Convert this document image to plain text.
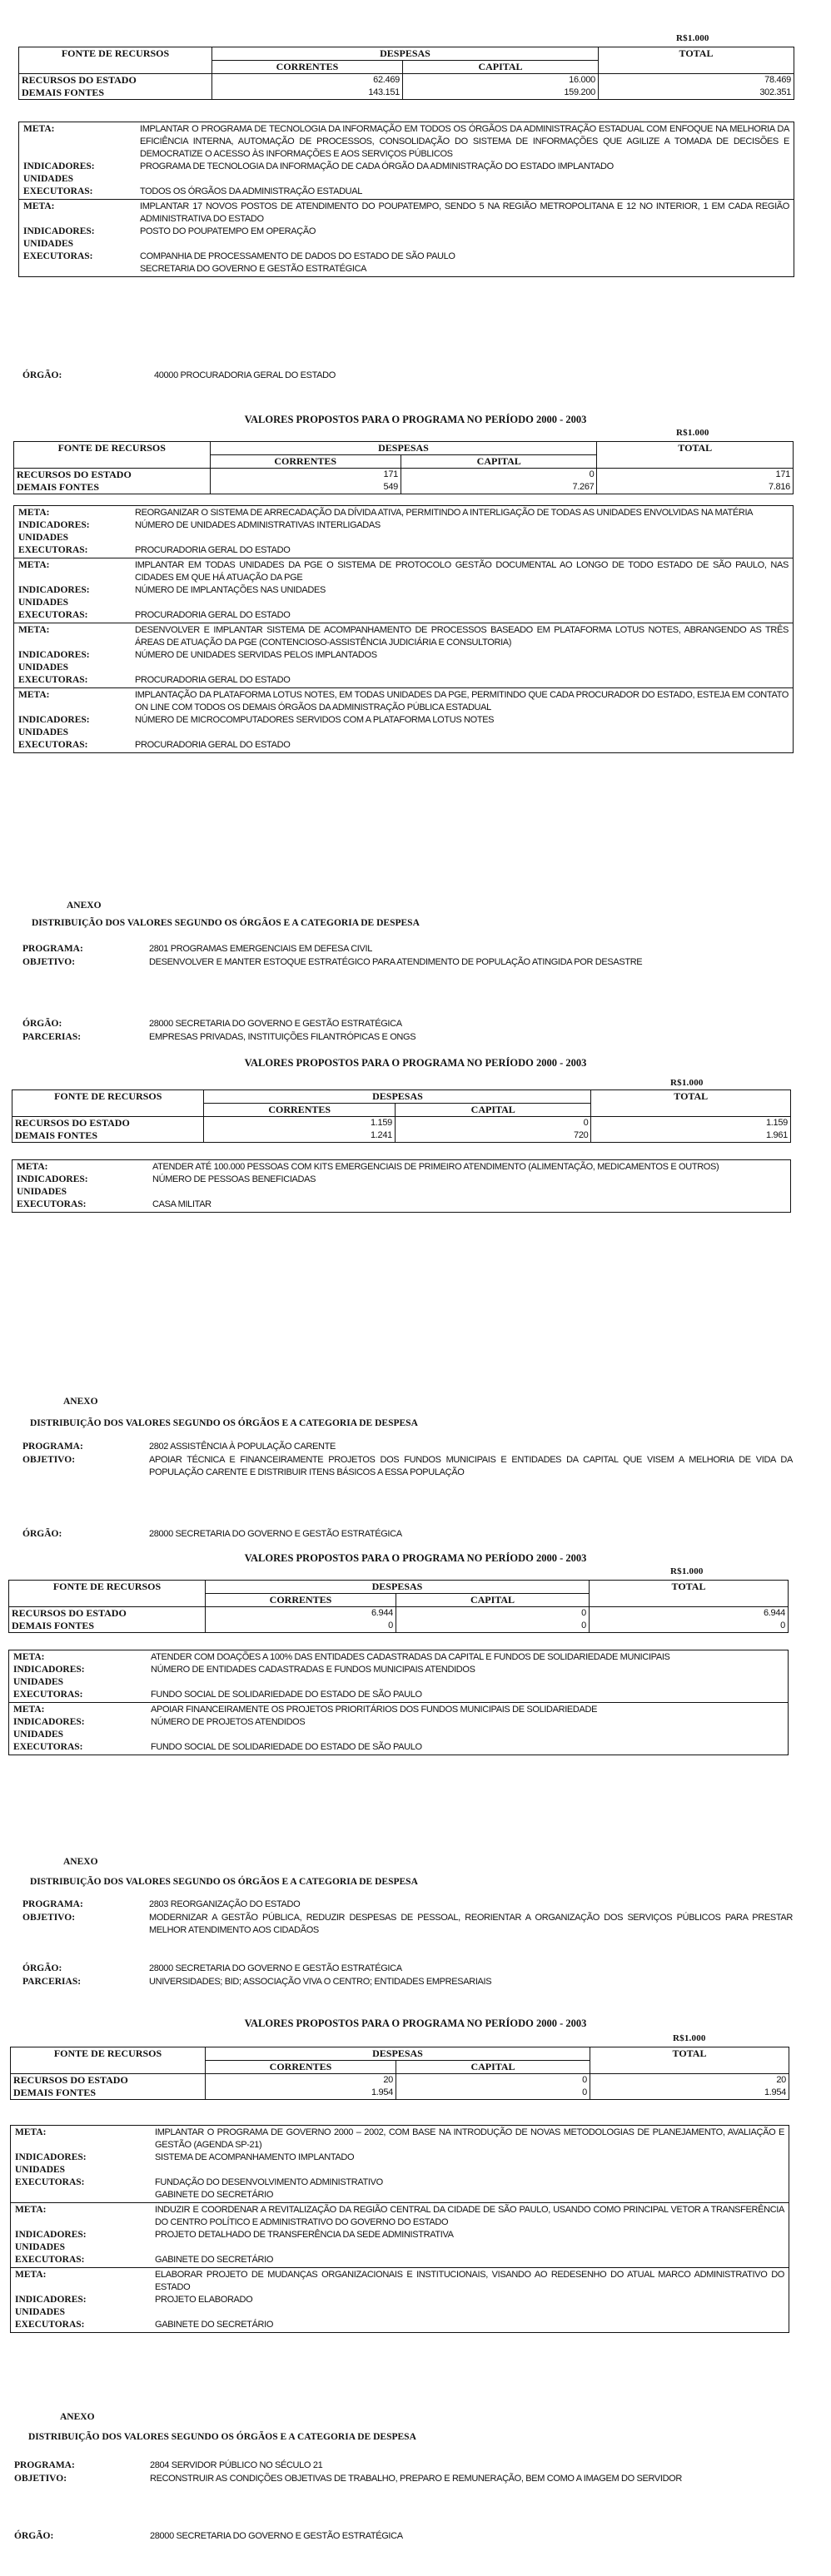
R$1.000
FONTE DE RECURSOS	DESPESAS		TOTAL
	CORRENTES	CAPITAL	
RECURSOS DO ESTADO	62.469	16.000	78.469
DEMAIS FONTES	143.151	159.200	302.351
META:	IMPLANTAR O PROGRAMA DE TECNOLOGIA DA INFORMAÇÃO EM TODOS OS ÓRGÃOS DA ADMINISTRAÇÃO ESTADUAL COM ENFOQUE NA MELHORIA DA EFICIÊNCIA INTERNA, AUTOMAÇÃO DE PROCESSOS, CONSOLIDAÇÃO DO SISTEMA DE INFORMAÇÕES QUE AGILIZE A TOMADA DE DECISÕES E DEMOCRATIZE O ACESSO ÀS INFORMAÇÕES E AOS SERVIÇOS PÚBLICOS
INDICADORES:	PROGRAMA DE TECNOLOGIA DA INFORMAÇÃO DE CADA ÓRGÃO DA ADMINISTRAÇÃO DO ESTADO IMPLANTADO
UNIDADES
EXECUTORAS:	TODOS OS ÓRGÃOS DA ADMINISTRAÇÃO ESTADUAL
META:	IMPLANTAR 17 NOVOS POSTOS DE ATENDIMENTO DO POUPATEMPO, SENDO 5 NA REGIÃO METROPOLITANA E 12 NO INTERIOR, 1 EM CADA REGIÃO ADMINISTRATIVA DO ESTADO
INDICADORES:	POSTO DO POUPATEMPO EM OPERAÇÃO
UNIDADES
EXECUTORAS:	COMPANHIA DE PROCESSAMENTO DE DADOS DO ESTADO DE SÃO PAULO
SECRETARIA DO GOVERNO E GESTÃO ESTRATÉGICA
ÓRGÃO:	40000 PROCURADORIA GERAL DO ESTADO
VALORES PROPOSTOS PARA O PROGRAMA NO PERÍODO 2000 - 2003
R$1.000
FONTE DE RECURSOS	DESPESAS		TOTAL
	CORRENTES	CAPITAL	
RECURSOS DO ESTADO	171	0	171
DEMAIS FONTES	549	7.267	7.816
META:	REORGANIZAR O SISTEMA DE ARRECADAÇÃO DA DÍVIDA ATIVA, PERMITINDO A INTERLIGAÇÃO DE TODAS AS UNIDADES ENVOLVIDAS NA MATÉRIA
INDICADORES:	NÚMERO DE UNIDADES ADMINISTRATIVAS INTERLIGADAS
UNIDADES
EXECUTORAS:	PROCURADORIA GERAL DO ESTADO
META:	IMPLANTAR EM TODAS UNIDADES DA PGE O SISTEMA DE PROTOCOLO GESTÃO DOCUMENTAL AO LONGO DE TODO ESTADO DE SÃO PAULO, NAS CIDADES EM QUE HÁ ATUAÇÃO DA PGE
INDICADORES:	NÚMERO DE IMPLANTAÇÕES NAS UNIDADES
UNIDADES
EXECUTORAS:	PROCURADORIA GERAL DO ESTADO
META:	DESENVOLVER E IMPLANTAR SISTEMA DE ACOMPANHAMENTO DE PROCESSOS BASEADO EM PLATAFORMA LOTUS NOTES, ABRANGENDO AS TRÊS ÁREAS DE ATUAÇÃO DA PGE (CONTENCIOSO-ASSISTÊNCIA JUDICIÁRIA E CONSULTORIA)
INDICADORES:	NÚMERO DE UNIDADES SERVIDAS PELOS IMPLANTADOS
UNIDADES
EXECUTORAS:	PROCURADORIA GERAL DO ESTADO
META:	IMPLANTAÇÃO DA PLATAFORMA LOTUS NOTES, EM TODAS UNIDADES DA PGE, PERMITINDO QUE CADA PROCURADOR DO ESTADO, ESTEJA EM CONTATO ON LINE COM TODOS OS DEMAIS ÓRGÃOS DA ADMINISTRAÇÃO PÚBLICA ESTADUAL
INDICADORES:	NÚMERO DE MICROCOMPUTADORES SERVIDOS COM A PLATAFORMA LOTUS NOTES
UNIDADES
EXECUTORAS:	PROCURADORIA GERAL DO ESTADO
ANEXO
DISTRIBUIÇÃO DOS VALORES SEGUNDO OS ÓRGÃOS E A CATEGORIA DE DESPESA
PROGRAMA:	2801 PROGRAMAS EMERGENCIAIS EM DEFESA CIVIL
OBJETIVO:	DESENVOLVER E MANTER ESTOQUE ESTRATÉGICO PARA ATENDIMENTO DE POPULAÇÃO ATINGIDA POR DESASTRE
ÓRGÃO:	28000 SECRETARIA DO GOVERNO E GESTÃO ESTRATÉGICA
PARCERIAS:	EMPRESAS PRIVADAS, INSTITUIÇÕES FILANTRÓPICAS E ONGS
VALORES PROPOSTOS PARA O PROGRAMA NO PERÍODO 2000 - 2003
R$1.000
FONTE DE RECURSOS	DESPESAS		TOTAL
	CORRENTES	CAPITAL	
RECURSOS DO ESTADO	1.159	0	1.159
DEMAIS FONTES	1.241	720	1.961
META:	ATENDER ATÉ 100.000 PESSOAS COM KITS EMERGENCIAIS DE PRIMEIRO ATENDIMENTO (ALIMENTAÇÃO, MEDICAMENTOS E OUTROS)
INDICADORES:	NÚMERO DE PESSOAS BENEFICIADAS
UNIDADES
EXECUTORAS:	CASA MILITAR
ANEXO
DISTRIBUIÇÃO DOS VALORES SEGUNDO OS ÓRGÃOS E A CATEGORIA DE DESPESA
PROGRAMA:	2802 ASSISTÊNCIA À POPULAÇÃO CARENTE
OBJETIVO:	APOIAR TÉCNICA E FINANCEIRAMENTE PROJETOS DOS FUNDOS MUNICIPAIS E ENTIDADES DA CAPITAL QUE VISEM A MELHORIA DE VIDA DA POPULAÇÃO CARENTE E DISTRIBUIR ITENS BÁSICOS A ESSA POPULAÇÃO
ÓRGÃO:	28000 SECRETARIA DO GOVERNO E GESTÃO ESTRATÉGICA
VALORES PROPOSTOS PARA O PROGRAMA NO PERÍODO 2000 - 2003
R$1.000
FONTE DE RECURSOS	DESPESAS		TOTAL
	CORRENTES	CAPITAL	
RECURSOS DO ESTADO	6.944	0	6.944
DEMAIS FONTES	0	0	0
META:	ATENDER COM DOAÇÕES A 100% DAS ENTIDADES CADASTRADAS DA CAPITAL E FUNDOS DE SOLIDARIEDADE MUNICIPAIS
INDICADORES:	NÚMERO DE ENTIDADES CADASTRADAS E FUNDOS MUNICIPAIS ATENDIDOS
UNIDADES
EXECUTORAS:	FUNDO SOCIAL DE SOLIDARIEDADE DO ESTADO DE SÃO PAULO
META:	APOIAR FINANCEIRAMENTE OS PROJETOS PRIORITÁRIOS DOS FUNDOS MUNICIPAIS DE SOLIDARIEDADE
INDICADORES:	NÚMERO DE PROJETOS ATENDIDOS
UNIDADES
EXECUTORAS:	FUNDO SOCIAL DE SOLIDARIEDADE DO ESTADO DE SÃO PAULO
ANEXO
DISTRIBUIÇÃO DOS VALORES SEGUNDO OS ÓRGÃOS E A CATEGORIA DE DESPESA
PROGRAMA:	2803 REORGANIZAÇÃO DO ESTADO
OBJETIVO:	MODERNIZAR A GESTÃO PÚBLICA, REDUZIR DESPESAS DE PESSOAL, REORIENTAR A ORGANIZAÇÃO DOS SERVIÇOS PÚBLICOS PARA PRESTAR MELHOR ATENDIMENTO AOS CIDADÃOS
ÓRGÃO:	28000 SECRETARIA DO GOVERNO E GESTÃO ESTRATÉGICA
PARCERIAS:	UNIVERSIDADES; BID; ASSOCIAÇÃO VIVA O CENTRO; ENTIDADES EMPRESARIAIS
VALORES PROPOSTOS PARA O PROGRAMA NO PERÍODO 2000 - 2003
R$1.000
FONTE DE RECURSOS	DESPESAS		TOTAL
	CORRENTES	CAPITAL	
RECURSOS DO ESTADO	20	0	20
DEMAIS FONTES	1.954	0	1.954
META:	IMPLANTAR O PROGRAMA DE GOVERNO 2000 – 2002, COM BASE NA INTRODUÇÃO DE NOVAS METODOLOGIAS DE PLANEJAMENTO, AVALIAÇÃO E GESTÃO (AGENDA SP-21)
INDICADORES:	SISTEMA DE ACOMPANHAMENTO IMPLANTADO
UNIDADES
EXECUTORAS:	FUNDAÇÃO DO DESENVOLVIMENTO ADMINISTRATIVO
GABINETE DO SECRETÁRIO
META:	INDUZIR E COORDENAR A REVITALIZAÇÃO DA REGIÃO CENTRAL DA CIDADE DE SÃO PAULO, USANDO COMO PRINCIPAL VETOR A TRANSFERÊNCIA DO CENTRO POLÍTICO E ADMINISTRATIVO DO GOVERNO DO ESTADO
INDICADORES:	PROJETO DETALHADO DE TRANSFERÊNCIA DA SEDE ADMINISTRATIVA
UNIDADES
EXECUTORAS:	GABINETE DO SECRETÁRIO
META:	ELABORAR PROJETO DE MUDANÇAS ORGANIZACIONAIS E INSTITUCIONAIS, VISANDO AO REDESENHO DO ATUAL MARCO ADMINISTRATIVO DO ESTADO
INDICADORES:	PROJETO ELABORADO
UNIDADES
EXECUTORAS:	GABINETE DO SECRETÁRIO
ANEXO
DISTRIBUIÇÃO DOS VALORES SEGUNDO OS ÓRGÃOS E A CATEGORIA DE DESPESA
PROGRAMA:	2804 SERVIDOR PÚBLICO NO SÉCULO 21
OBJETIVO:	RECONSTRUIR AS CONDIÇÕES OBJETIVAS DE TRABALHO, PREPARO E REMUNERAÇÃO, BEM COMO A IMAGEM DO SERVIDOR
ÓRGÃO:	28000 SECRETARIA DO GOVERNO E GESTÃO ESTRATÉGICA
